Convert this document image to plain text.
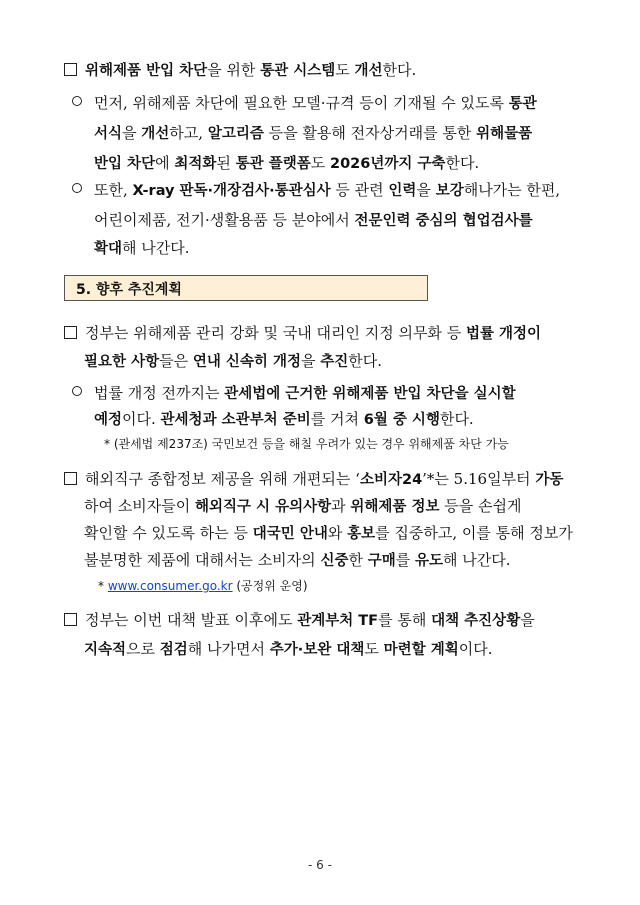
위해제품 반입 차단을 위한 통관 시스템도 개선한다.
먼저, 위해제품 차단에 필요한 모델·규격 등이 기재될 수 있도록 통관
서식을 개선하고, 알고리즘 등을 활용해 전자상거래를 통한 위해물품
반입 차단에 최적화된 통관 플랫폼도 2026년까지 구축한다.
또한, X-ray 판독·개장검사·통관심사 등 관련 인력을 보강해나가는 한편,
어린이제품, 전기·생활용품 등 분야에서 전문인력 중심의 협업검사를
확대해 나간다.
5. 향후 추진계획
정부는 위해제품 관리 강화 및 국내 대리인 지정 의무화 등 법률 개정이
필요한 사항들은 연내 신속히 개정을 추진한다.
법률 개정 전까지는 관세법에 근거한 위해제품 반입 차단을 실시할
예정이다. 관세청과 소관부처 준비를 거쳐 6월 중 시행한다.
* (관세법 제237조) 국민보건 등을 해칠 우려가 있는 경우 위해제품 차단 가능
해외직구 종합정보 제공을 위해 개편되는 ‘소비자24’*는 5.16일부터 가동
하여 소비자들이 해외직구 시 유의사항과 위해제품 정보 등을 손쉽게
확인할 수 있도록 하는 등 대국민 안내와 홍보를 집중하고, 이를 통해 정보가
불분명한 제품에 대해서는 소비자의 신중한 구매를 유도해 나간다.
* www.consumer.go.kr (공정위 운영)
정부는 이번 대책 발표 이후에도 관계부처 TF를 통해 대책 추진상황을
지속적으로 점검해 나가면서 추가·보완 대책도 마련할 계획이다.
- 6 -
